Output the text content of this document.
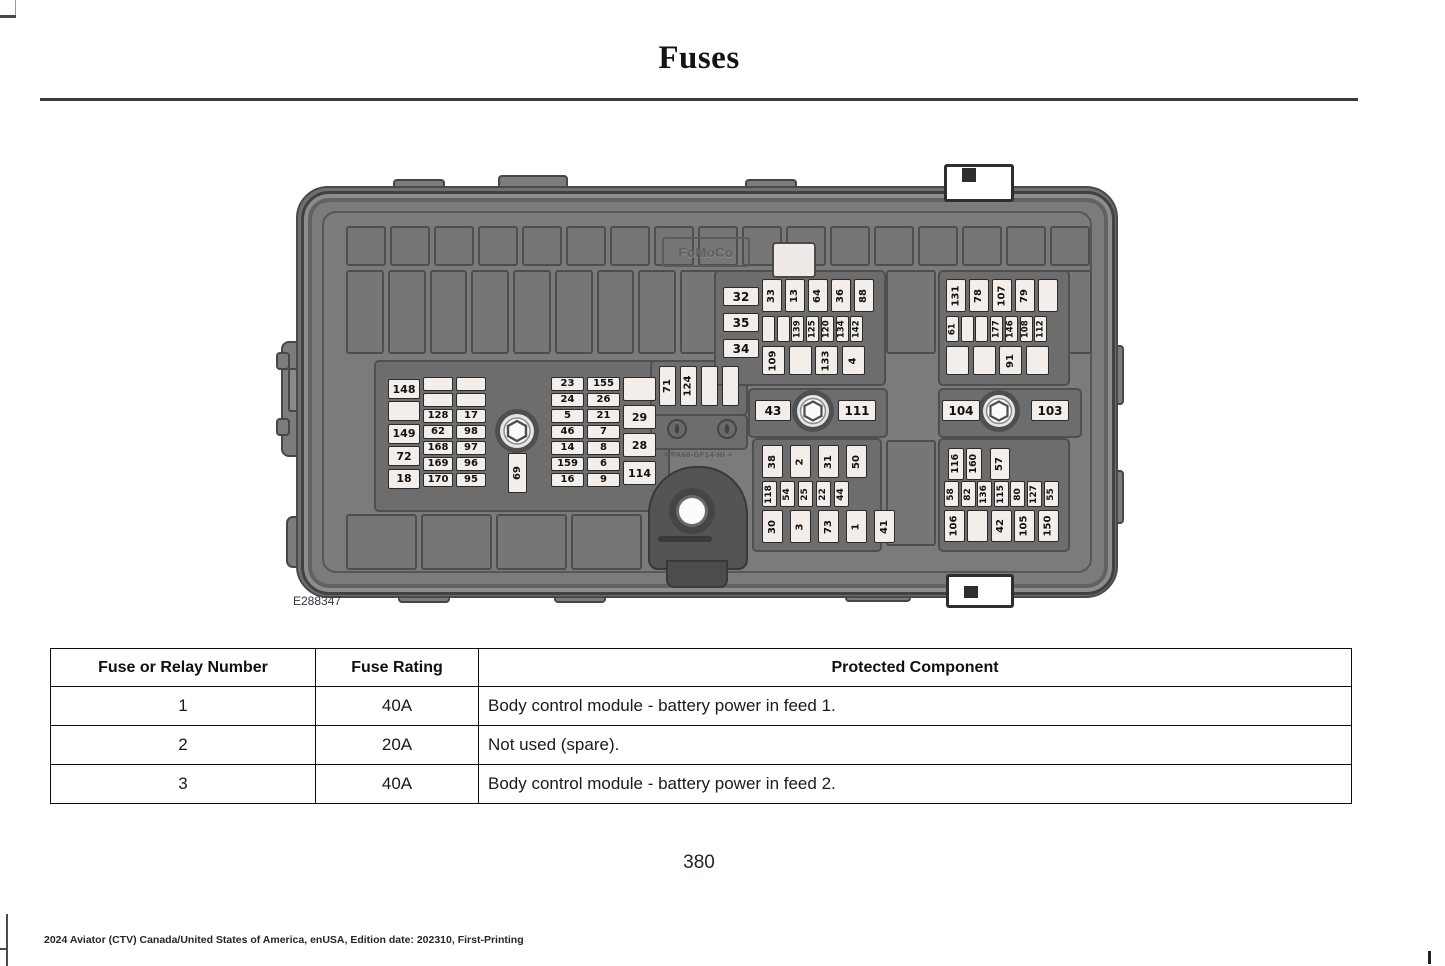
Fuses
FoMoCo
< PA66-GF14-HI >
69
43	111	104	103
148
149
72
18
128
62
168
169
170
17
98
97
96
95
23
24
5
46
14
159
16
155
26
21
7
8
6
9
29
28
114
71 124
32
35
34
33 13 64 36 88
139 125 120 134 142
109	133 4
131 78 107 79
61	177 146 108 112
91
38 2 31 50
118 54 25 22 44
30 3 73 1 41
116 160 57
58 82 136 115 80 127 55
106	42 105 150
E288347
Fuse or Relay Number	Fuse Rating	Protected Component
1	40A	Body control module - battery power in feed 1.
2	20A	Not used (spare).
3	40A	Body control module - battery power in feed 2.
380
2024 Aviator (CTV) Canada/United States of America, enUSA, Edition date: 202310, First-Printing
